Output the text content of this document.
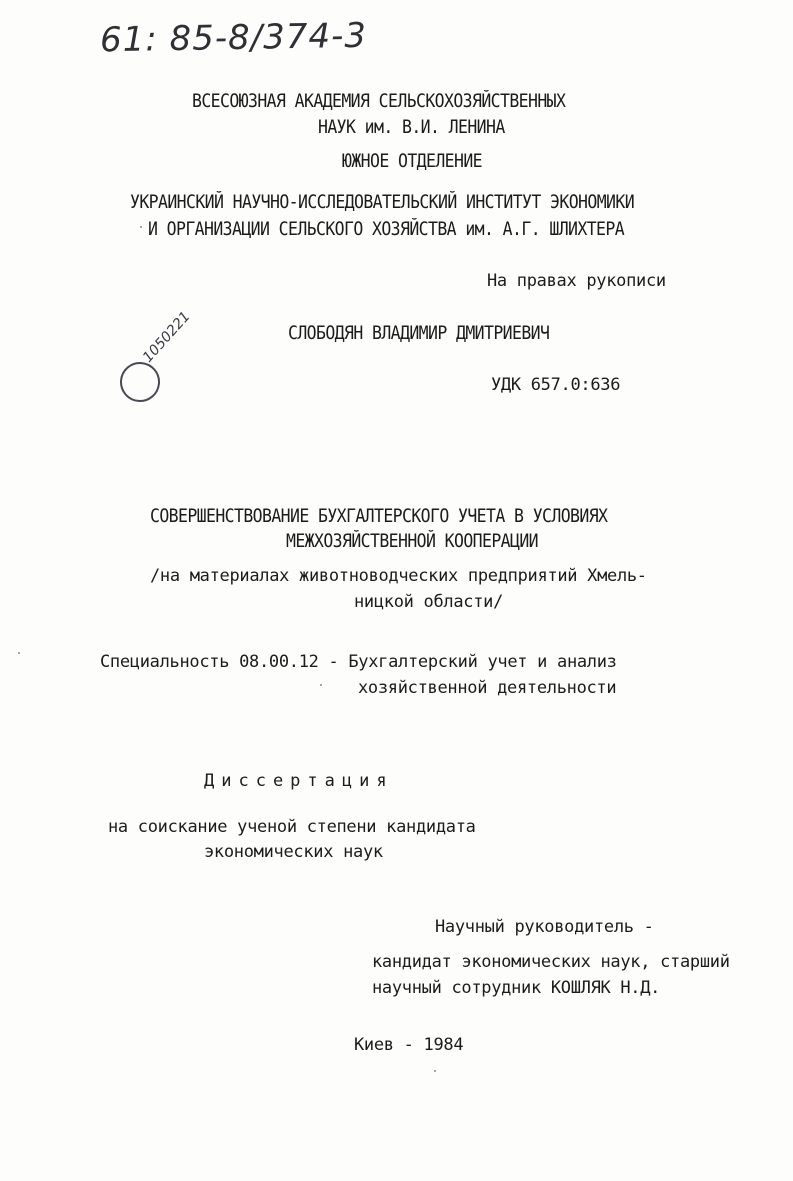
61: 85-8/374-3
1050221
ВСЕСОЮЗНАЯ АКАДЕМИЯ СЕЛЬСКОХОЗЯЙСТВЕННЫХ
НАУК им. В.И. ЛЕНИНА
ЮЖНОЕ ОТДЕЛЕНИЕ
УКРАИНСКИЙ НАУЧНО-ИССЛЕДОВАТЕЛЬСКИЙ ИНСТИТУТ ЭКОНОМИКИ
И ОРГАНИЗАЦИИ СЕЛЬСКОГО ХОЗЯЙСТВА им. А.Г. ШЛИХТЕРА
На правах рукописи
СЛОБОДЯН ВЛАДИМИР ДМИТРИЕВИЧ
УДК 657.0:636
СОВЕРШЕНСТВОВАНИЕ БУХГАЛТЕРСКОГО УЧЕТА В УСЛОВИЯХ
МЕЖХОЗЯЙСТВЕННОЙ КООПЕРАЦИИ
/на материалах животноводческих предприятий Хмель-
ницкой области/
Специальность 08.00.12 - Бухгалтерский учет и анализ
хозяйственной деятельности
Диссертация
на соискание ученой степени кандидата
экономических наук
Научный руководитель -
кандидат экономических наук, старший
научный сотрудник КОШЛЯК Н.Д.
Киев - 1984
